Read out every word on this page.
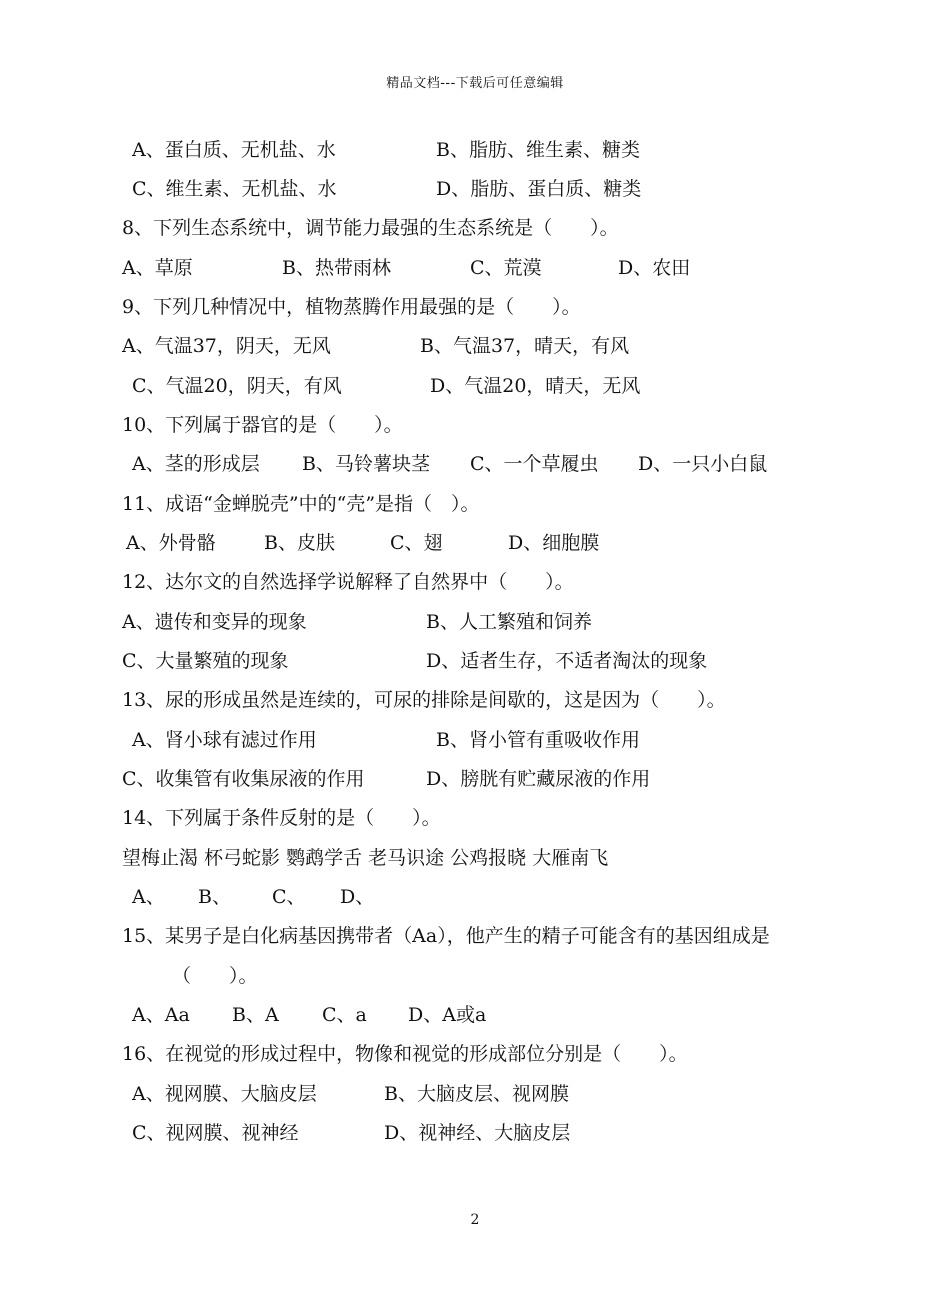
精品文档---下载后可任意编辑
A、蛋白质、无机盐、水	B、脂肪、维生素、糖类
C、维生素、无机盐、水	D、脂肪、蛋白质、糖类
8、下列生态系统中，调节能力最强的生态系统是（　　）。
A、草原	B、热带雨林	C、荒漠	D、农田
9、下列几种情况中，植物蒸腾作用最强的是（　　）。
A、气温37，阴天，无风	B、气温37，晴天，有风
C、气温20，阴天，有风	D、气温20，晴天，无风
10、下列属于器官的是（　　）。
A、茎的形成层 B、马铃薯块茎 C、一个草履虫 D、一只小白鼠
11、成语“金蝉脱壳”中的“壳”是指（　）。
A、外骨骼	B、皮肤	C、翅	D、细胞膜
12、达尔文的自然选择学说解释了自然界中（　　）。
A、遗传和变异的现象	B、人工繁殖和饲养
C、大量繁殖的现象	D、适者生存，不适者淘汰的现象
13、尿的形成虽然是连续的，可尿的排除是间歇的，这是因为（　　）。
A、肾小球有滤过作用	B、肾小管有重吸收作用
C、收集管有收集尿液的作用	D、膀胱有贮藏尿液的作用
14、下列属于条件反射的是（　　）。
望梅止渴 杯弓蛇影 鹦鹉学舌 老马识途 公鸡报晓 大雁南飞
A、 B、 C、 D、
15、某男子是白化病基因携带者（Aa），他产生的精子可能含有的基因组成是
（　　）。
A、Aa B、A C、a D、A或a
16、在视觉的形成过程中，物像和视觉的形成部位分别是（　　）。
A、视网膜、大脑皮层	B、大脑皮层、视网膜
C、视网膜、视神经	D、视神经、大脑皮层
2
